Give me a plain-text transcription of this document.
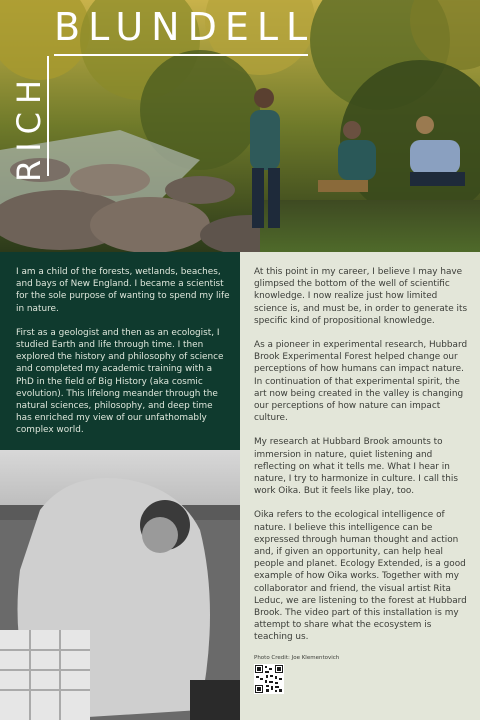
BLUNDELL
RICH

I am a child of the forests, wetlands, beaches, and bays of New England. I became a scientist for the sole purpose of wanting to spend my life in nature.

First as a geologist and then as an ecologist, I studied Earth and life through time. I then explored the history and philosophy of science and completed my academic training with a PhD in the field of Big History (aka cosmic evolution). This lifelong meander through the natural sciences, philosophy, and deep time has enriched my view of our unfathomably complex world.

At this point in my career, I believe I may have glimpsed the bottom of the well of scientific knowledge. I now realize just how limited science is, and must be, in order to generate its specific kind of propositional knowledge.

As a pioneer in experimental research, Hubbard Brook Experimental Forest helped change our perceptions of how humans can impact nature. In continuation of that experimental spirit, the art now being created in the valley is changing our perceptions of how nature can impact culture.

My research at Hubbard Brook amounts to immersion in nature, quiet listening and reflecting on what it tells me. What I hear in nature, I try to harmonize in culture. I call this work Oika. But it feels like play, too.

Oika refers to the ecological intelligence of nature. I believe this intelligence can be expressed through human thought and action and, if given an opportunity, can help heal people and planet. Ecology Extended, is a good example of how Oika works. Together with my collaborator and friend, the visual artist Rita Leduc, we are listening to the forest at Hubbard Brook. The video part of this installation is my attempt to share what the ecosystem is teaching us.

Photo Credit: Joe Klementovich
